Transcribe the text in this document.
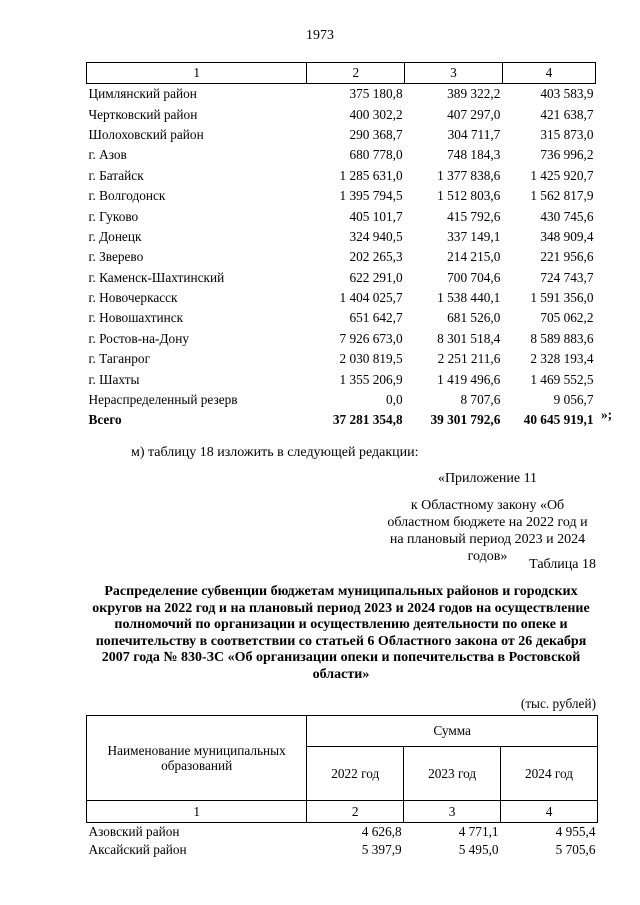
1973
1	2	3	4
Цимлянский район	375 180,8	389 322,2	403 583,9
Чертковский район	400 302,2	407 297,0	421 638,7
Шолоховский район	290 368,7	304 711,7	315 873,0
г. Азов	680 778,0	748 184,3	736 996,2
г. Батайск	1 285 631,0	1 377 838,6	1 425 920,7
г. Волгодонск	1 395 794,5	1 512 803,6	1 562 817,9
г. Гуково	405 101,7	415 792,6	430 745,6
г. Донецк	324 940,5	337 149,1	348 909,4
г. Зверево	202 265,3	214 215,0	221 956,6
г. Каменск-Шахтинский	622 291,0	700 704,6	724 743,7
г. Новочеркасск	1 404 025,7	1 538 440,1	1 591 356,0
г. Новошахтинск	651 642,7	681 526,0	705 062,2
г. Ростов-на-Дону	7 926 673,0	8 301 518,4	8 589 883,6
г. Таганрог	2 030 819,5	2 251 211,6	2 328 193,4
г. Шахты	1 355 206,9	1 419 496,6	1 469 552,5
Нераспределенный резерв	0,0	8 707,6	9 056,7
Всего	37 281 354,8	39 301 792,6	40 645 919,1 »;
м) таблицу 18 изложить в следующей редакции:
«Приложение 11
к Областному закону «Об областном бюджете на 2022 год и на плановый период 2023 и 2024 годов»
Таблица 18
Распределение субвенции бюджетам муниципальных районов и городских округов на 2022 год и на плановый период 2023 и 2024 годов на осуществление полномочий по организации и осуществлению деятельности по опеке и попечительству в соответствии со статьей 6 Областного закона от 26 декабря 2007 года № 830-ЗС «Об организации опеки и попечительства в Ростовской области»
(тыс. рублей)
Наименование муниципальных образований	Сумма		
	2022 год	2023 год	2024 год
1	2	3	4
Азовский район	4 626,8	4 771,1	4 955,4
Аксайский район	5 397,9	5 495,0	5 705,6
